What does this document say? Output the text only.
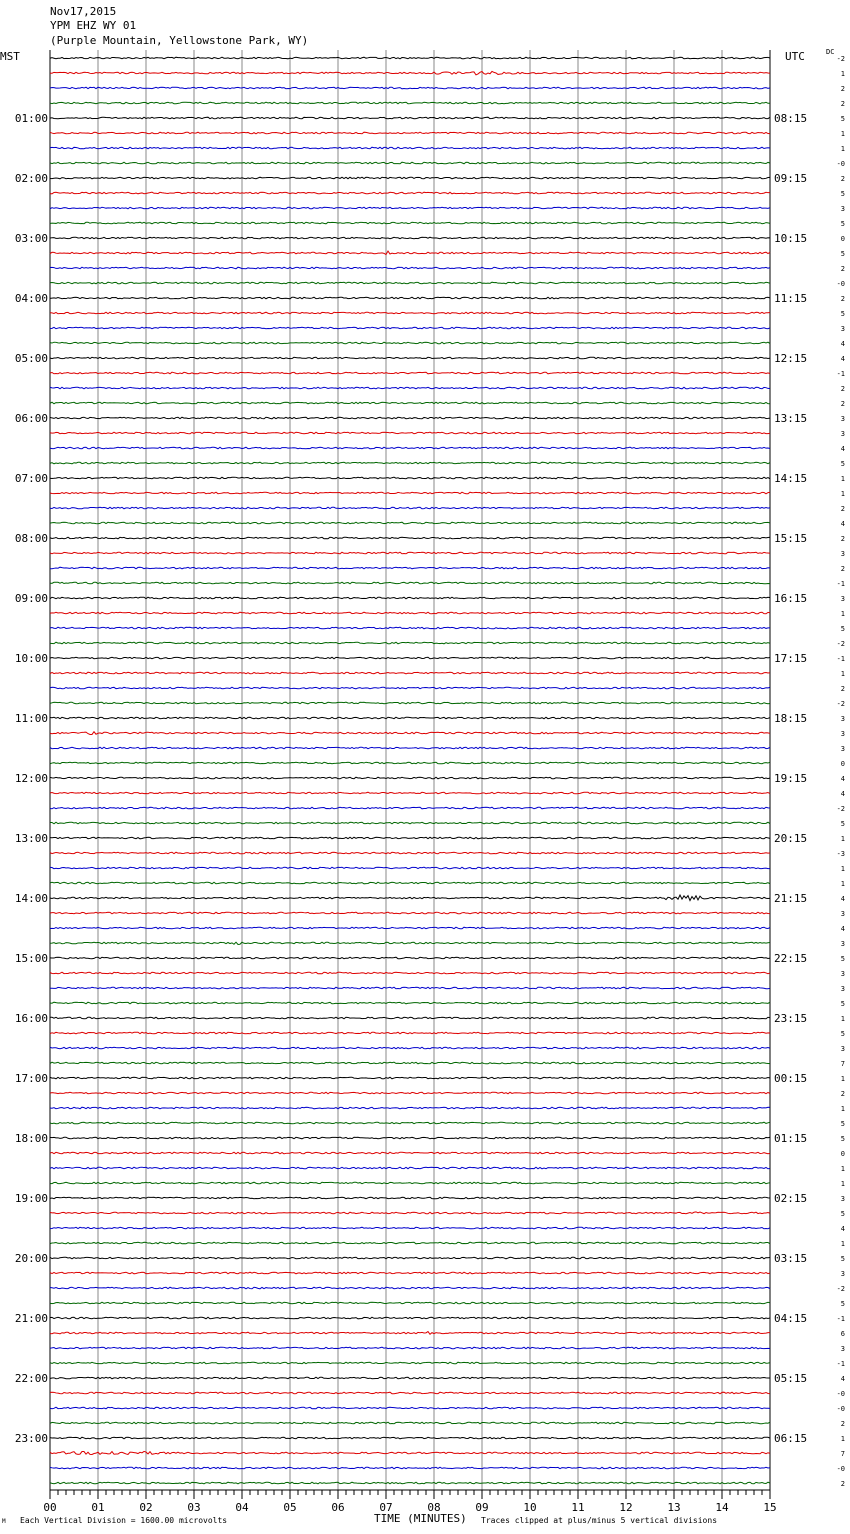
Nov17,2015
YPM EHZ WY 01
(Purple Mountain, Yellowstone Park, WY)
MST	UTC	DC
00	01	02	03	04	05	06	07	08	09	10	11	12	13	14	15
01:00
02:00
03:00
04:00
05:00
06:00
07:00
08:00
09:00
10:00
11:00
12:00
13:00
14:00
15:00
16:00
17:00
18:00
19:00
20:00
21:00
22:00
23:00
08:15
09:15
10:15
11:15
12:15
13:15
14:15
15:15
16:15
17:15
18:15
19:15
20:15
21:15
22:15
23:15
00:15
01:15
02:15
03:15
04:15
05:15
06:15
-2
1
2
2
5
1
1
-0
2
5
3
5
0
5
2
-0
2
5
3
4
4
-1
2
2
3
3
4
5
1
1
2
4
2
3
2
-1
3
1
5
-2
-1
1
2
-2
3
3
3
0
4
4
-2
5
1
-3
1
1
4
3
4
3
5
3
3
5
1
5
3
7
1
2
1
5
5
0
1
1
3
5
4
1
5
3
-2
5
-1
6
3
-1
4
-0
-0
2
1
7
-0
2
M Each Vertical Division = 1600.00 microvolts	TIME (MINUTES) Traces clipped at plus/minus 5 vertical divisions
